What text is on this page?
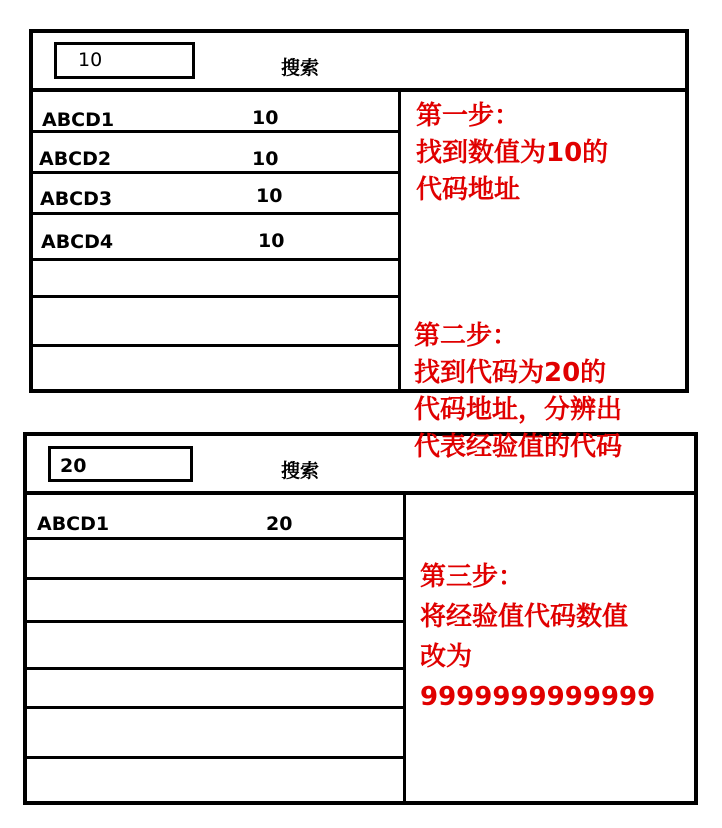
10	搜索
ABCD1	10
ABCD2	10
ABCD3	10
ABCD4	10
20	搜索
ABCD1	20
第一步：
找到数值为10的
代码地址
第二步：
找到代码为20的
代码地址，分辨出
代表经验值的代码
第三步：
将经验值代码数值
改为
9999999999999
